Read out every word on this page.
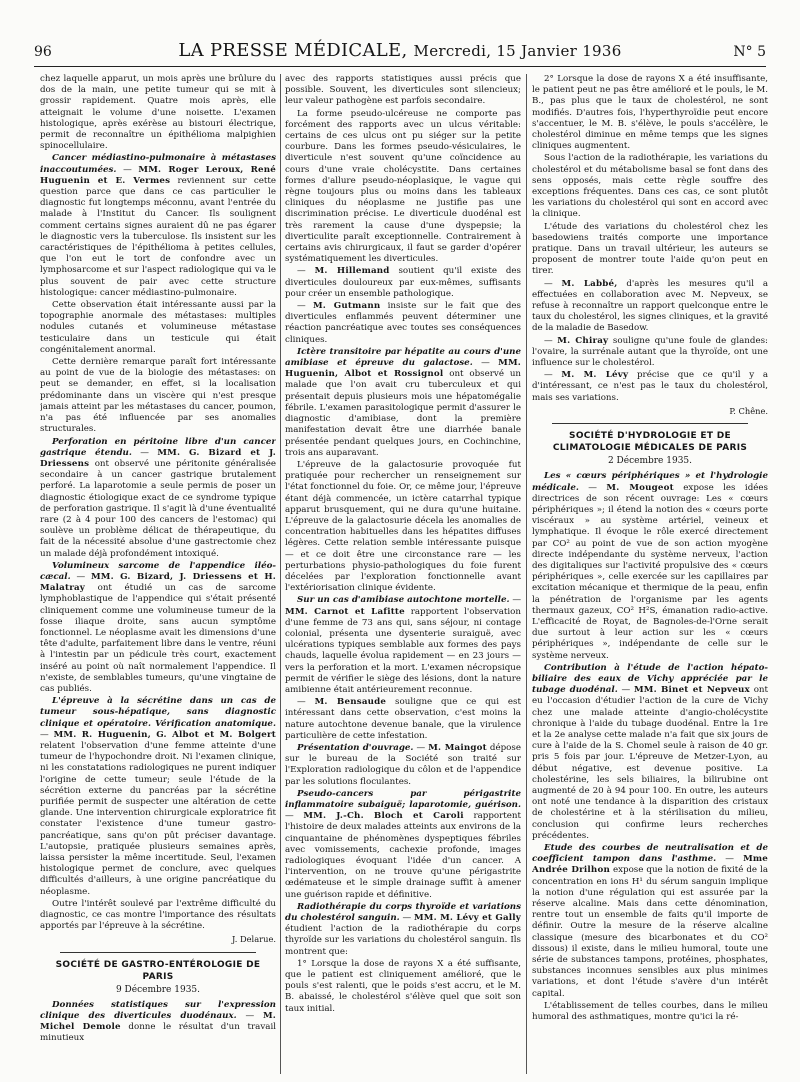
96	LA PRESSE MÉDICALE, Mercredi, 15 Janvier 1936	N° 5

chez laquelle apparut, un mois après une brûlure du dos de la main, une petite tumeur qui se mit à grossir rapidement. Quatre mois après, elle atteignait le volume d'une noisette. L'examen histologique, après exérèse au bistouri électrique, permit de reconnaître un épithélioma malpighien spinocellulaire.

Cancer médiastino-pulmonaire à métastases inaccoutumées. — MM. Roger Leroux, René Huguenin et E. Vermes reviennent sur cette question parce que dans ce cas particulier le diagnostic fut longtemps méconnu, avant l'entrée du malade à l'Institut du Cancer. Ils soulignent comment certains signes auraient dû ne pas égarer le diagnostic vers la tuberculose. Ils insistent sur les caractéristiques de l'épithélioma à petites cellules, que l'on eut le tort de confondre avec un lymphosarcome et sur l'aspect radiologique qui va le plus souvent de pair avec cette structure histologique: cancer médiastino-pulmonaire.

Cette observation était intéressante aussi par la topographie anormale des métastases: multiples nodules cutanés et volumineuse métastase testiculaire dans un testicule qui était congénitalement anormal.

Cette dernière remarque paraît fort intéressante au point de vue de la biologie des métastases: on peut se demander, en effet, si la localisation prédominante dans un viscère qui n'est presque jamais atteint par les métastases du cancer, poumon, n'a pas été influencée par ses anomalies structurales.

Perforation en péritoine libre d'un cancer gastrique étendu. — MM. G. Bizard et J. Driessens ont observé une péritonite généralisée secondaire à un cancer gastrique brutalement perforé. La laparotomie a seule permis de poser un diagnostic étiologique exact de ce syndrome typique de perforation gastrique. Il s'agit là d'une éventualité rare (2 à 4 pour 100 des cancers de l'estomac) qui soulève un problème délicat de thérapeutique, du fait de la nécessité absolue d'une gastrectomie chez un malade déjà profondément intoxiqué.

Volumineux sarcome de l'appendice iléo-cæcal. — MM. G. Bizard, J. Driessens et H. Malatray ont étudié un cas de sarcome lymphoblastique de l'appendice qui s'était présenté cliniquement comme une volumineuse tumeur de la fosse iliaque droite, sans aucun symptôme fonctionnel. Le néoplasme avait les dimensions d'une tête d'adulte, parfaitement libre dans le ventre, réuni à l'intestin par un pédicule très court, exactement inséré au point où naît normalement l'appendice. Il n'existe, de semblables tumeurs, qu'une vingtaine de cas publiés.

L'épreuve à la sécrétine dans un cas de tumeur sous-hépatique, sans diagnostic clinique et opératoire. Vérification anatomique. — MM. R. Huguenin, G. Albot et M. Bolgert relatent l'observation d'une femme atteinte d'une tumeur de l'hypochondre droit. Ni l'examen clinique, ni les constatations radiologiques ne purent indiquer l'origine de cette tumeur; seule l'étude de la sécrétion externe du pancréas par la sécrétine purifiée permit de suspecter une altération de cette glande. Une intervention chirurgicale exploratrice fit constater l'existence d'une tumeur gastro-pancréatique, sans qu'on pût préciser davantage. L'autopsie, pratiquée plusieurs semaines après, laissa persister la même incertitude. Seul, l'examen histologique permet de conclure, avec quelques difficultés d'ailleurs, à une origine pancréatique du néoplasme.

Outre l'intérêt soulevé par l'extrême difficulté du diagnostic, ce cas montre l'importance des résultats apportés par l'épreuve à la sécrétine.

J. Delarue.
SOCIÉTÉ DE GASTRO-ENTÉROLOGIE DE PARIS
9 Décembre 1935.

Données statistiques sur l'expression clinique des diverticules duodénaux. — M. Michel Demole donne le résultat d'un travail minutieux

avec des rapports statistiques aussi précis que possible. Souvent, les diverticules sont silencieux; leur valeur pathogène est parfois secondaire.

La forme pseudo-ulcéreuse ne comporte pas forcément des rapports avec un ulcus véritable: certains de ces ulcus ont pu siéger sur la petite courbure. Dans les formes pseudo-vésiculaires, le diverticule n'est souvent qu'une coïncidence au cours d'une vraie cholécystite. Dans certaines formes d'allure pseudo-néoplasique, le vague qui règne toujours plus ou moins dans les tableaux cliniques du néoplasme ne justifie pas une discrimination précise. Le diverticule duodénal est très rarement la cause d'une dyspepsie; la diverticulite paraît exceptionnelle. Contrairement à certains avis chirurgicaux, il faut se garder d'opérer systématiquement les diverticules.

— M. Hillemand soutient qu'il existe des diverticules douloureux par eux-mêmes, suffisants pour créer un ensemble pathologique.

— M. Gutmann insiste sur le fait que des diverticules enflammés peuvent déterminer une réaction pancréatique avec toutes ses conséquences cliniques.

Ictère transitoire par hépatite au cours d'une amibiase et épreuve du galactose. — MM. Huguenin, Albot et Rossignol ont observé un malade que l'on avait cru tuberculeux et qui présentait depuis plusieurs mois une hépatomégalie fébrile. L'examen parasitologique permit d'assurer le diagnostic d'amibiase, dont la première manifestation devait être une diarrhée banale présentée pendant quelques jours, en Cochinchine, trois ans auparavant.

L'épreuve de la galactosurie provoquée fut pratiquée pour rechercher un renseignement sur l'état fonctionnel du foie. Or, ce même jour, l'épreuve étant déjà commencée, un ictère catarrhal typique apparut brusquement, qui ne dura qu'une huitaine. L'épreuve de la galactosurie décela les anomalies de concentration habituelles dans les hépatites diffuses légères. Cette relation semble intéressante puisque — et ce doit être une circonstance rare — les perturbations physio-pathologiques du foie furent décelées par l'exploration fonctionnelle avant l'extériorisation clinique évidente.

Sur un cas d'amibiase autochtone mortelle. — MM. Carnot et Lafitte rapportent l'observation d'une femme de 73 ans qui, sans séjour, ni contage colonial, présenta une dysenterie suraiguë, avec ulcérations typiques semblable aux formes des pays chauds, laquelle évolua rapidement — en 23 jours — vers la perforation et la mort. L'examen nécropsique permit de vérifier le siège des lésions, dont la nature amibienne était antérieurement reconnue.

— M. Bensaude souligne que ce qui est intéressant dans cette observation, c'est moins la nature autochtone devenue banale, que la virulence particulière de cette infestation.

Présentation d'ouvrage. — M. Maingot dépose sur le bureau de la Société son traité sur l'Exploration radiologique du côlon et de l'appendice par les solutions floculantes.

Pseudo-cancers par périgastrite inflammatoire subaiguë; laparotomie, guérison. — MM. J.-Ch. Bloch et Caroli rapportent l'histoire de deux malades atteints aux environs de la cinquantaine de phénomènes dyspeptiques fébriles avec vomissements, cachexie profonde, images radiologiques évoquant l'idée d'un cancer. A l'intervention, on ne trouve qu'une périgastrite œdémateuse et le simple drainage suffit à amener une guérison rapide et définitive.

Radiothérapie du corps thyroïde et variations du cholestérol sanguin. — MM. M. Lévy et Gally étudient l'action de la radiothérapie du corps thyroïde sur les variations du cholestérol sanguin. Ils montrent que:

1° Lorsque la dose de rayons X a été suffisante, que le patient est cliniquement amélioré, que le pouls s'est ralenti, que le poids s'est accru, et le M. B. abaissé, le cholestérol s'élève quel que soit son taux initial.

2° Lorsque la dose de rayons X a été insuffisante, le patient peut ne pas être amélioré et le pouls, le M. B., pas plus que le taux de cholestérol, ne sont modifiés. D'autres fois, l'hyperthyroïdie peut encore s'accentuer, le M. B. s'élève, le pouls s'accélère, le cholestérol diminue en même temps que les signes cliniques augmentent.

Sous l'action de la radiothérapie, les variations du cholestérol et du métabolisme basal se font dans des sens opposés, mais cette règle souffre des exceptions fréquentes. Dans ces cas, ce sont plutôt les variations du cholestérol qui sont en accord avec la clinique.

L'étude des variations du cholestérol chez les basedowiens traités comporte une importance pratique. Dans un travail ultérieur, les auteurs se proposent de montrer toute l'aide qu'on peut en tirer.

— M. Labbé, d'après les mesures qu'il a effectuées en collaboration avec M. Nepveux, se refuse à reconnaître un rapport quelconque entre le taux du cholestérol, les signes cliniques, et la gravité de la maladie de Basedow.

— M. Chiray souligne qu'une foule de glandes: l'ovaire, la surrénale autant que la thyroïde, ont une influence sur le cholestérol.

— M. M. Lévy précise que ce qu'il y a d'intéressant, ce n'est pas le taux du cholestérol, mais ses variations.

P. Chêne.
SOCIÉTÉ D'HYDROLOGIE ET DE CLIMATOLOGIE MÉDICALES DE PARIS
2 Décembre 1935.

Les « cœurs périphériques » et l'hydrologie médicale. — M. Mougeot expose les idées directrices de son récent ouvrage: Les « cœurs périphériques »; il étend la notion des « cœurs porte viscéraux » au système artériel, veineux et lymphatique. Il évoque le rôle exercé directement par CO² au point de vue de son action myogène directe indépendante du système nerveux, l'action des digitaliques sur l'activité propulsive des « cœurs périphériques », celle exercée sur les capillaires par excitation mécanique et thermique de la peau, enfin la pénétration de l'organisme par les agents thermaux gazeux, CO² H²S, émanation radio-active. L'efficacité de Royat, de Bagnoles-de-l'Orne serait due surtout à leur action sur les « cœurs périphériques », indépendante de celle sur le système nerveux.

Contribution à l'étude de l'action hépato-biliaire des eaux de Vichy appréciée par le tubage duodénal. — MM. Binet et Nepveux ont eu l'occasion d'étudier l'action de la cure de Vichy chez une malade atteinte d'angio-cholécystite chronique à l'aide du tubage duodénal. Entre la 1re et la 2e analyse cette malade n'a fait que six jours de cure à l'aide de la S. Chomel seule à raison de 40 gr. pris 5 fois par jour. L'épreuve de Metzer-Lyon, au début négative, est devenue positive. La cholestérine, les sels biliaires, la bilirubine ont augmenté de 20 à 94 pour 100. En outre, les auteurs ont noté une tendance à la disparition des cristaux de cholestérine et à la stérilisation du milieu, conclusion qui confirme leurs recherches précédentes.

Etude des courbes de neutralisation et de coefficient tampon dans l'asthme. — Mme Andrée Drilhon expose que la notion de fixité de la concentration en ions H¹ du sérum sanguin implique la notion d'une régulation qui est assurée par la réserve alcaline. Mais dans cette dénomination, rentre tout un ensemble de faits qu'il importe de définir. Outre la mesure de la réserve alcaline classique (mesure des bicarbonates et du CO² dissous) il existe, dans le milieu humoral, toute une série de substances tampons, protéines, phosphates, substances inconnues sensibles aux plus minimes variations, et dont l'étude s'avère d'un intérêt capital.

L'établissement de telles courbes, dans le milieu humoral des asthmatiques, montre qu'ici la ré-
